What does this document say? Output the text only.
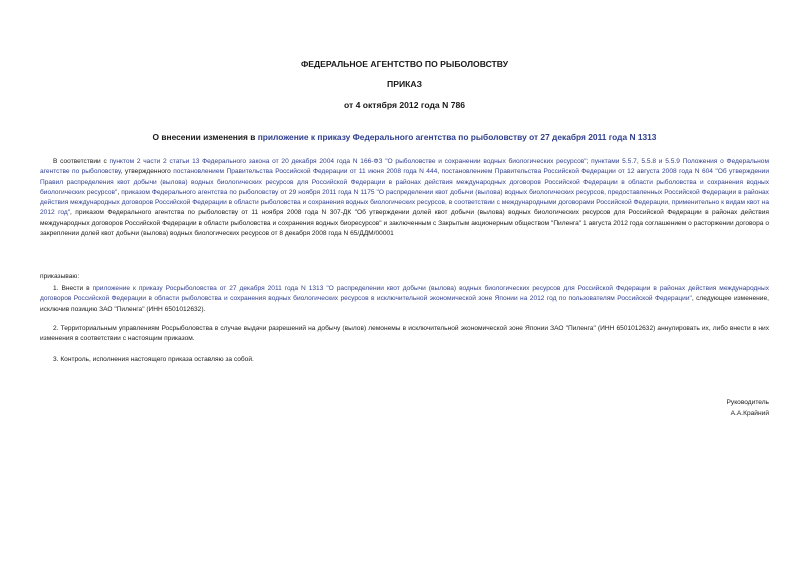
ФЕДЕРАЛЬНОЕ АГЕНТСТВО ПО РЫБОЛОВСТВУ
ПРИКАЗ
от 4 октября 2012 года N 786
О внесении изменения в приложение к приказу Федерального агентства по рыболовству от 27 декабря 2011 года N 1313
В соответствии с пунктом 2 части 2 статьи 13 Федерального закона от 20 декабря 2004 года N 166-ФЗ "О рыболовстве и сохранении водных биологических ресурсов"; пунктами 5.5.7, 5.5.8 и 5.5.9 Положения о Федеральном агентстве по рыболовству, утвержденного постановлением Правительства Российской Федерации от 11 июня 2008 года N 444, постановлением Правительства Российской Федерации от 12 августа 2008 года N 604 "Об утверждении Правил распределения квот добычи (вылова) водных биологических ресурсов для Российской Федерации в районах действия международных договоров Российской Федерации в области рыболовства и сохранения водных биологических ресурсов", приказом Федерального агентства по рыболовству от 29 ноября 2011 года N 1175 "О распределении квот добычи (вылова) водных биологических ресурсов, предоставленных Российской Федерации в районах действия международных договоров Российской Федерации в области рыболовства и сохранения водных биологических ресурсов, в соответствии с международными договорами Российской Федерации, применительно к видам квот на 2012 год", приказом Федерального агентства по рыболовству от 11 ноября 2008 года N 307-ДК "Об утверждении долей квот добычи (вылова) водных биологических ресурсов для Российской Федерации в районах действия международных договоров Российской Федерации в области рыболовства и сохранения водных биоресурсов" и заключенным с Закрытым акционерным обществом "Пиленга" 1 августа 2012 года соглашением о расторжении договора о закреплении долей квот добычи (вылова) водных биологических ресурсов от 8 декабря 2008 года N 65/ДДМ/00001
приказываю:
1. Внести в приложение к приказу Росрыболовства от 27 декабря 2011 года N 1313 "О распределении квот добычи (вылова) водных биологических ресурсов для Российской Федерации в районах действия международных договоров Российской Федерации в области рыболовства и сохранения водных биологических ресурсов в исключительной экономической зоне Японии на 2012 год по пользователям Российской Федерации", следующее изменение, исключив позицию ЗАО "Пиленга" (ИНН 6501012632).
2. Территориальным управлениям Росрыболовства в случае выдачи разрешений на добычу (вылов) лемонемы в исключительной экономической зоне Японии ЗАО "Пиленга" (ИНН 6501012632) аннулировать их, либо внести в них изменения в соответствии с настоящим приказом.
3. Контроль, исполнения настоящего приказа оставляю за собой.
Руководитель
А.А.Крайний
